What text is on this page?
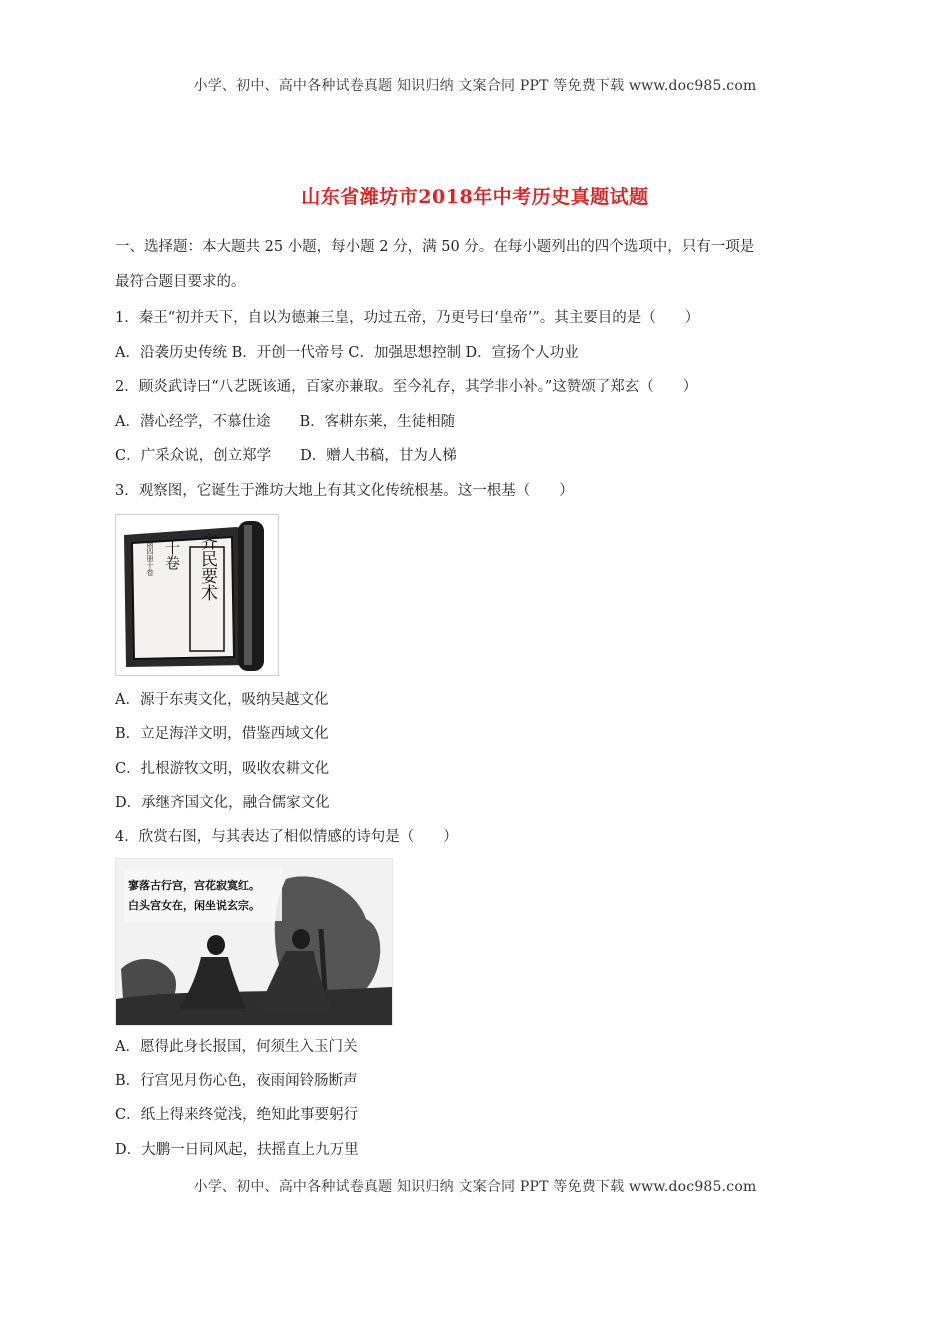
小学、初中、高中各种试卷真题 知识归纳 文案合同 PPT 等免费下载 www.doc985.com
山东省潍坊市2018年中考历史真题试题
一、选择题：本大题共 25 小题，每小题 2 分，满 50 分。在每小题列出的四个选项中，只有一项是
最符合题目要求的。
1．秦王“初并天下，自以为德兼三皇，功过五帝，乃更号曰‘皇帝’”。其主要目的是（　　）
A．沿袭历史传统 B．开创一代帝号 C．加强思想控制 D．宣扬个人功业
2．顾炎武诗曰“八艺既该通，百家亦兼取。至今礼存，其学非小补。”这赞颂了郑玄（　　）
A．潜心经学，不慕仕途　　B．客耕东莱，生徒相随
C．广采众说，创立郑学　　D．赠人书稿，甘为人梯
3．观察图，它诞生于潍坊大地上有其文化传统根基。这一根基（　　）
齐民要术
十卷
一函四册十卷
A．源于东夷文化，吸纳吴越文化
B．立足海洋文明，借鉴西域文化
C．扎根游牧文明，吸收农耕文化
D．承继齐国文化，融合儒家文化
4．欣赏右图，与其表达了相似情感的诗句是（　　）
寥落古行宫，宫花寂寞红。
白头宫女在，闲坐说玄宗。
A．愿得此身长报国，何须生入玉门关
B．行宫见月伤心色，夜雨闻铃肠断声
C．纸上得来终觉浅，绝知此事要躬行
D．大鹏一日同风起，扶摇直上九万里
小学、初中、高中各种试卷真题 知识归纳 文案合同 PPT 等免费下载 www.doc985.com
